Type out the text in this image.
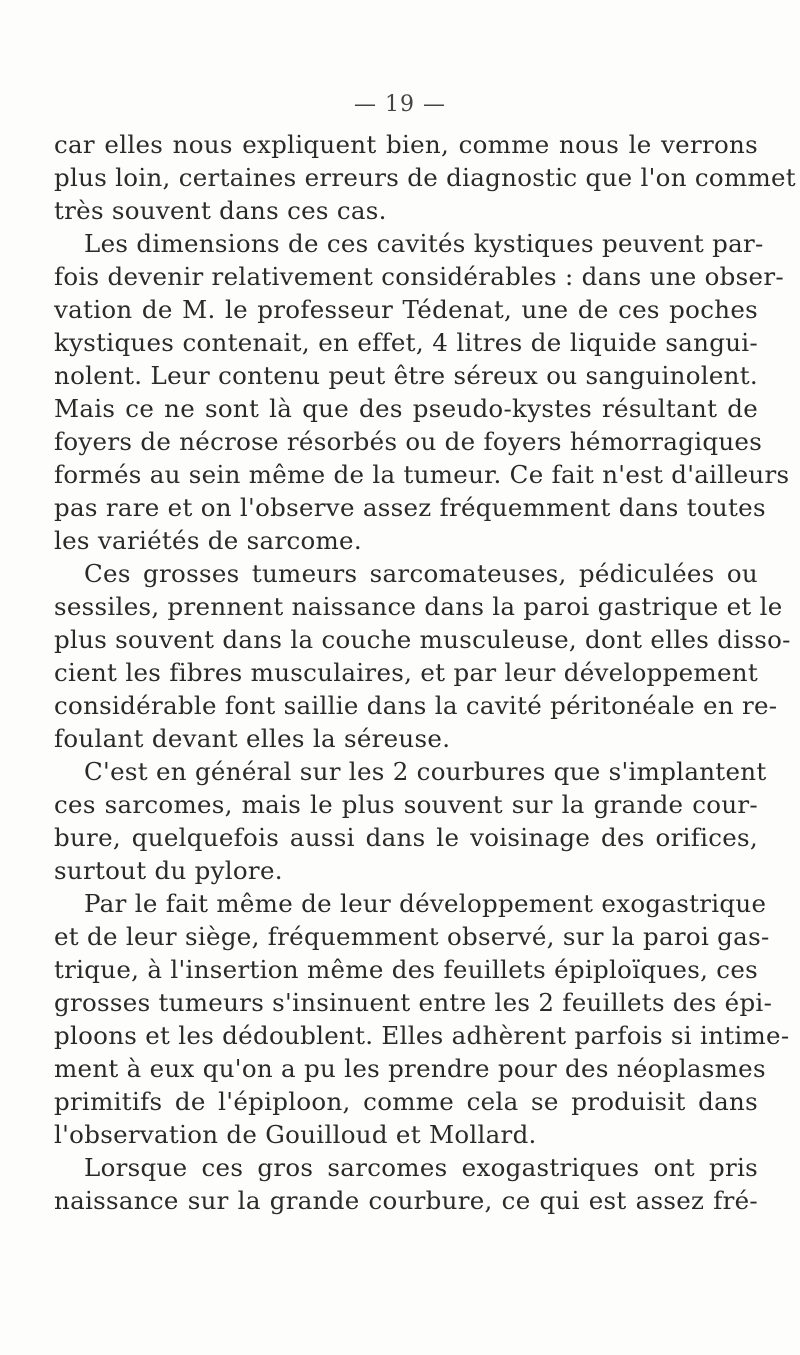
— 19 —
car elles nous expliquent bien, comme nous le verrons
plus loin, certaines erreurs de diagnostic que l'on commet
très souvent dans ces cas.
Les dimensions de ces cavités kystiques peuvent par-
fois devenir relativement considérables : dans une obser-
vation de M. le professeur Tédenat, une de ces poches
kystiques contenait, en effet, 4 litres de liquide sangui-
nolent. Leur contenu peut être séreux ou sanguinolent.
Mais ce ne sont là que des pseudo-kystes résultant de
foyers de nécrose résorbés ou de foyers hémorragiques
formés au sein même de la tumeur. Ce fait n'est d'ailleurs
pas rare et on l'observe assez fréquemment dans toutes
les variétés de sarcome.
Ces grosses tumeurs sarcomateuses, pédiculées ou
sessiles, prennent naissance dans la paroi gastrique et le
plus souvent dans la couche musculeuse, dont elles disso-
cient les fibres musculaires, et par leur développement
considérable font saillie dans la cavité péritonéale en re-
foulant devant elles la séreuse.
C'est en général sur les 2 courbures que s'implantent
ces sarcomes, mais le plus souvent sur la grande cour-
bure, quelquefois aussi dans le voisinage des orifices,
surtout du pylore.
Par le fait même de leur développement exogastrique
et de leur siège, fréquemment observé, sur la paroi gas-
trique, à l'insertion même des feuillets épiploïques, ces
grosses tumeurs s'insinuent entre les 2 feuillets des épi-
ploons et les dédoublent. Elles adhèrent parfois si intime-
ment à eux qu'on a pu les prendre pour des néoplasmes
primitifs de l'épiploon, comme cela se produisit dans
l'observation de Gouilloud et Mollard.
Lorsque ces gros sarcomes exogastriques ont pris
naissance sur la grande courbure, ce qui est assez fré-
